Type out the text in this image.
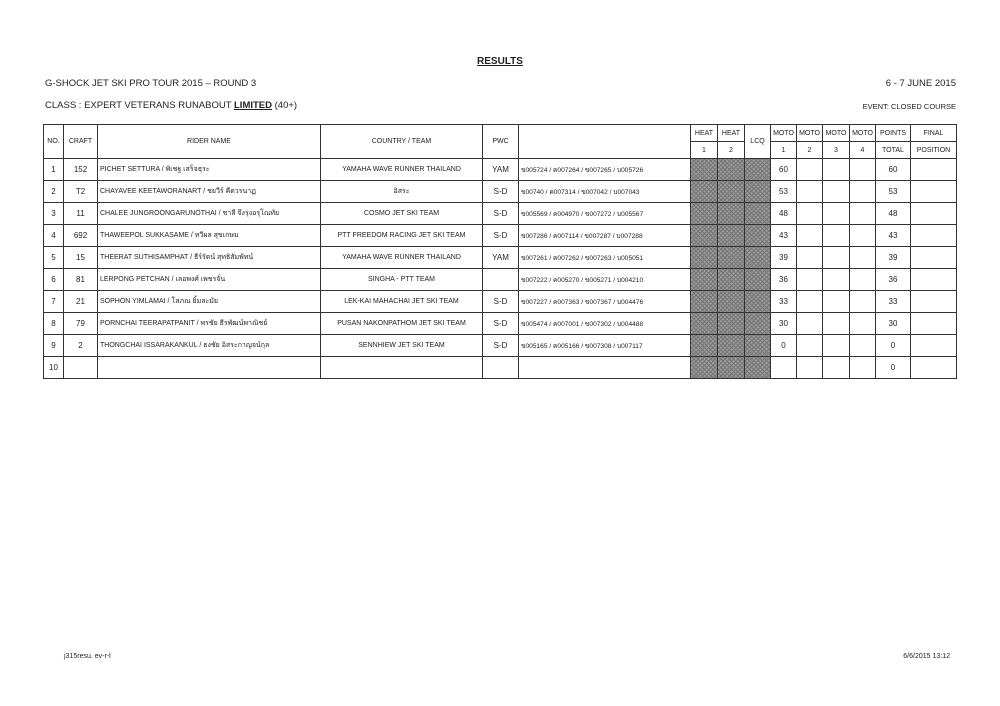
RESULTS
G-SHOCK JET SKI PRO TOUR 2015 – ROUND 3	6 - 7 JUNE 2015
CLASS : EXPERT VETERANS RUNABOUT LIMITED (40+)	EVENT: CLOSED COURSE
NO.	CRAFT	RIDER NAME	COUNTRY / TEAM	PWC		HEAT	HEAT	LCQ	MOTO	MOTO	MOTO	MOTO	POINTS	FINAL
						1	2		1	2	3	4	TOTAL	POSITION
1	152	PICHET SETTURA / พิเชฐ เสร็จธุระ	YAMAHA WAVE RUNNER THAILAND	YAM	ข005724 / ค007264 / ข007265 / บ005726				60				60	
2	T2	CHAYAVEE KEETAWORANART / ชยวีร์ คีตวรนาฏ	อิสระ	S-D	ข00740 / ค007314 / ข007042 / บ007043				53				53	
3	11	CHALEE JUNGROONGARUNOTHAI / ชาลี จึงรุ่งอรุโณทัย	COSMO JET SKI TEAM	S-D	ข005569 / ค004970 / ข007272 / บ005567				48				48	
4	692	THAWEEPOL SUKKASAME / ทวีผล สุขเกษม	PTT FREEDOM RACING JET SKI TEAM	S-D	ข007286 / ค007114 / ข007287 / บ007288				43				43	
5	15	THEERAT SUTHISAMPHAT / ธีร์รัตน์ สุทธิสัมพัทน์	YAMAHA WAVE RUNNER THAILAND	YAM	ข007261 / ค007262 / ข007263 / บ005051				39				39	
6	81	LERPONG PETCHAN / เลอพงศ์ เพชรจั่น	SINGHA - PTT TEAM		ข007222 / ค005270 / ข005271 / บ004210				36				36	
7	21	SOPHON YIMLAMAI / โสภณ ยิ้มละมัย	LEK-KAI MAHACHAI JET SKI TEAM	S-D	ข007227 / ค007363 / ข007367 / บ004476				33				33	
8	79	PORNCHAI TEERAPATPANIT / พรชัย ธีรพัฒน์พาณิชย์	PUSAN NAKONPATHOM JET SKI TEAM	S-D	ข005474 / ค007001 / ข007302 / บ004488				30				30	
9	2	THONGCHAI ISSARAKANKUL / ธงชัย อิสระกาญจน์กุล	SENNHIEW JET SKI TEAM	S-D	ข005165 / ค005166 / ข007308 / บ007117				0				0	
10													0	
j315resu. ev-r-l	6/6/2015 13:12
